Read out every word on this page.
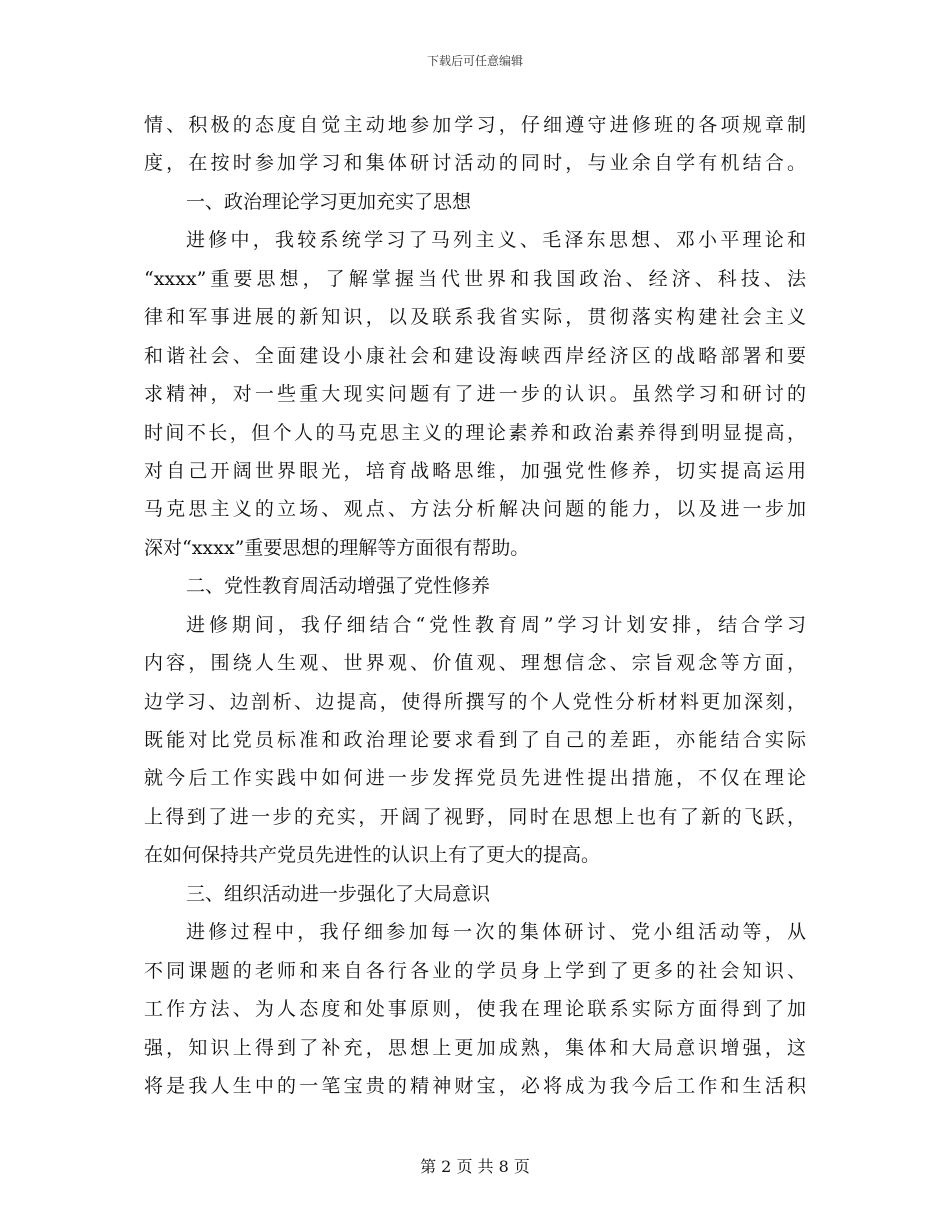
下载后可任意编辑
情、积极的态度自觉主动地参加学习，仔细遵守进修班的各项规章制
度，在按时参加学习和集体研讨活动的同时，与业余自学有机结合。
一、政治理论学习更加充实了思想
进修中，我较系统学习了马列主义、毛泽东思想、邓小平理论和
“xxxx”重要思想，了解掌握当代世界和我国政治、经济、科技、法
律和军事进展的新知识，以及联系我省实际，贯彻落实构建社会主义
和谐社会、全面建设小康社会和建设海峡西岸经济区的战略部署和要
求精神，对一些重大现实问题有了进一步的认识。虽然学习和研讨的
时间不长，但个人的马克思主义的理论素养和政治素养得到明显提高，
对自己开阔世界眼光，培育战略思维，加强党性修养，切实提高运用
马克思主义的立场、观点、方法分析解决问题的能力，以及进一步加
深对“xxxx”重要思想的理解等方面很有帮助。
二、党性教育周活动增强了党性修养
进修期间，我仔细结合“党性教育周”学习计划安排，结合学习
内容，围绕人生观、世界观、价值观、理想信念、宗旨观念等方面，
边学习、边剖析、边提高，使得所撰写的个人党性分析材料更加深刻，
既能对比党员标准和政治理论要求看到了自己的差距，亦能结合实际
就今后工作实践中如何进一步发挥党员先进性提出措施，不仅在理论
上得到了进一步的充实，开阔了视野，同时在思想上也有了新的飞跃，
在如何保持共产党员先进性的认识上有了更大的提高。
三、组织活动进一步强化了大局意识
进修过程中，我仔细参加每一次的集体研讨、党小组活动等，从
不同课题的老师和来自各行各业的学员身上学到了更多的社会知识、
工作方法、为人态度和处事原则，使我在理论联系实际方面得到了加
强，知识上得到了补充，思想上更加成熟，集体和大局意识增强，这
将是我人生中的一笔宝贵的精神财宝，必将成为我今后工作和生活积
第 2 页 共 8 页
